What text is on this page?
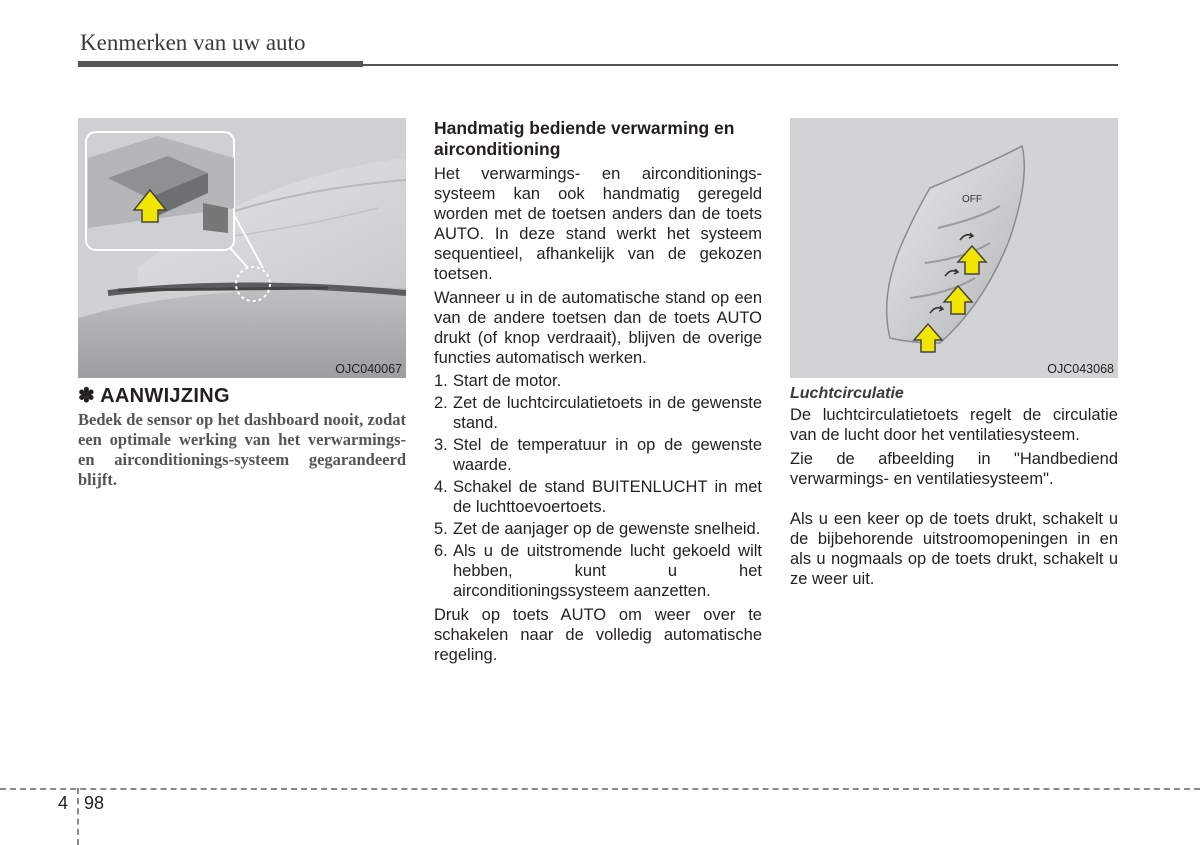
Kenmerken van uw auto
OJC040067
✽ AANWIJZING
Bedek de sensor op het dashboard nooit, zodat een optimale werking van het verwarmings- en airconditionings-systeem gegarandeerd blijft.
Handmatig bediende verwarming en airconditioning

Het verwarmings- en airconditionings-systeem kan ook handmatig geregeld worden met de toetsen anders dan de toets AUTO. In deze stand werkt het systeem sequentieel, afhankelijk van de gekozen toetsen.

Wanneer u in de automatische stand op een van de andere toetsen dan de toets AUTO drukt (of knop verdraait), blijven de overige functies automatisch werken.

1. Start de motor.
2. Zet de luchtcirculatietoets in de gewenste stand.
3. Stel de temperatuur in op de gewenste waarde.
4. Schakel de stand BUITENLUCHT in met de luchttoevoertoets.
5. Zet de aanjager op de gewenste snelheid.
6. Als u de uitstromende lucht gekoeld wilt hebben, kunt u het airconditioningssysteem aanzetten.

Druk op toets AUTO om weer over te schakelen naar de volledig automatische regeling.

OFF
OJC043068
Luchtcirculatie

De luchtcirculatietoets regelt de circulatie van de lucht door het ventilatiesysteem.

Zie de afbeelding in "Handbediend verwarmings- en ventilatiesysteem".

Als u een keer op de toets drukt, schakelt u de bijbehorende uitstroomopeningen in en als u nogmaals op de toets drukt, schakelt u ze weer uit.

4 98
